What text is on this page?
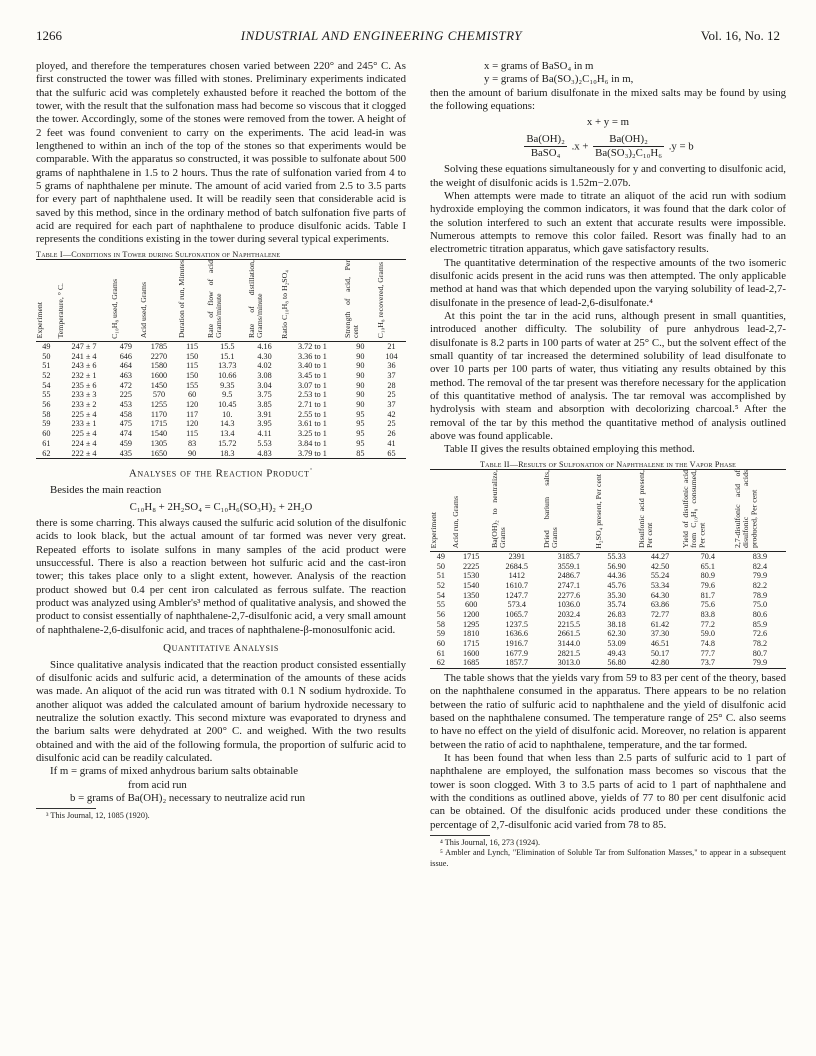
1266	INDUSTRIAL AND ENGINEERING CHEMISTRY	Vol. 16, No. 12

ployed, and therefore the temperatures chosen varied between 220° and 245° C. As first constructed the tower was filled with stones. Preliminary experiments indicated that the sulfuric acid was completely exhausted before it reached the bottom of the tower, with the result that the sulfonation mass had become so viscous that it clogged the tower. Accordingly, some of the stones were removed from the tower. A height of 2 feet was found convenient to carry on the experiments. The acid lead-in was lengthened to within an inch of the top of the stones so that experiments would be comparable. With the apparatus so constructed, it was possible to sulfonate about 500 grams of naphthalene in 1.5 to 2 hours. Thus the rate of sulfonation varied from 4 to 5 grams of naphthalene per minute. The amount of acid varied from 2.5 to 3.5 parts for every part of naphthalene used. It will be readily seen that considerable acid is saved by this method, since in the ordinary method of batch sulfonation five parts of acid are required for each part of naphthalene to produce disulfonic acids. Table I represents the conditions existing in the tower during several typical experiments.

Table I—Conditions in Tower during Sulfonation of Naphthalene
Experiment	Temperature, ° C.	C₁₀H₈ used, Grams	Acid used, Grams	Duration of run, Minutes	Rate of flow of acid Grams/minute	Rate of distillation, Grams/minute	Ratio C₁₀H₈ to H₂SO₄	Strength of acid, Per cent	C₁₀H₈ recovered, Grams
49	247 ± 7	479	1785	115	15.5	4.16	3.72 to 1	90	21
50	241 ± 4	646	2270	150	15.1	4.30	3.36 to 1	90	104
51	243 ± 6	464	1580	115	13.73	4.02	3.40 to 1	90	36
52	232 ± 1	463	1600	150	10.66	3.08	3.45 to 1	90	37
54	235 ± 6	472	1450	155	9.35	3.04	3.07 to 1	90	28
55	233 ± 3	225	570	60	9.5	3.75	2.53 to 1	90	25
56	233 ± 2	453	1255	120	10.45	3.85	2.71 to 1	90	37
58	225 ± 4	458	1170	117	10.	3.91	2.55 to 1	95	42
59	233 ± 1	475	1715	120	14.3	3.95	3.61 to 1	95	25
60	225 ± 4	474	1540	115	13.4	4.11	3.25 to 1	95	26
61	224 ± 4	459	1305	83	15.72	5.53	3.84 to 1	95	41
62	222 ± 4	435	1650	90	18.3	4.83	3.79 to 1	85	65
Analyses of the Reaction Product·

Besides the main reaction

C₁₀H₈ + 2H₂SO₄ = C₁₀H₆(SO₃H)₂ + 2H₂O

there is some charring. This always caused the sulfuric acid solution of the disulfonic acids to look black, but the actual amount of tar formed was never very great. Repeated efforts to isolate sulfons in many samples of the acid product were unsuccessful. There is also a reaction between hot sulfuric acid and the cast-iron tower; this takes place only to a slight extent, however. Analysis of the reaction product showed but 0.4 per cent iron calculated as ferrous sulfate. The reaction product was analyzed using Ambler's³ method of qualitative analysis, and showed the product to consist essentially of naphthalene-2,7-disulfonic acid, a very small amount of naphthalene-2,6-disulfonic acid, and traces of naphthalene-β-monosulfonic acid.

Quantitative Analysis

Since qualitative analysis indicated that the reaction product consisted essentially of disulfonic acids and sulfuric acid, a determination of the amounts of these acids was made. An aliquot of the acid run was titrated with 0.1 N sodium hydroxide. To another aliquot was added the calculated amount of barium hydroxide necessary to neutralize the solution exactly. This second mixture was evaporated to dryness and the barium salts were dehydrated at 200° C. and weighed. With the two results obtained and with the aid of the following formula, the proportion of sulfuric acid to disulfonic acid can be readily calculated.

If m = grams of mixed anhydrous barium salts obtainable
from acid run
b = grams of Ba(OH)₂ necessary to neutralize acid run
³ This Journal, 12, 1085 (1920).
x = grams of BaSO₄ in m
y = grams of Ba(SO₃)₂C₁₀H₆ in m,

then the amount of barium disulfonate in the mixed salts may be found by using the following equations:

x + y = m
$\frac{\text{Ba(OH)₂}}{\text{BaSO₄}} .x + \frac{\text{Ba(OH)₂}}{\text{Ba(SO₃)₂C₁₀H₆}} .y = b$

Solving these equations simultaneously for y and converting to disulfonic acid, the weight of disulfonic acids is 1.52m−2.07b.

When attempts were made to titrate an aliquot of the acid run with sodium hydroxide employing the common indicators, it was found that the dark color of the solution interfered to such an extent that accurate results were impossible. Numerous attempts to remove this color failed. Resort was finally had to an electrometric titration apparatus, which gave satisfactory results.

The quantitative determination of the respective amounts of the two isomeric disulfonic acids present in the acid runs was then attempted. The only applicable method at hand was that which depended upon the varying solubility of lead-2,7-disulfonate in the presence of lead-2,6-disulfonate.⁴

At this point the tar in the acid runs, although present in small quantities, introduced another difficulty. The solubility of pure anhydrous lead-2,7-disulfonate is 8.2 parts in 100 parts of water at 25° C., but the solvent effect of the small quantity of tar increased the determined solubility of lead disulfonate to over 10 parts per 100 parts of water, thus vitiating any results obtained by this method. The removal of the tar present was therefore necessary for the application of this quantitative method of analysis. The tar removal was accomplished by hydrolysis with steam and absorption with decolorizing charcoal.⁵ After the removal of the tar by this method the quantitative method of analysis outlined above was found applicable.

Table II gives the results obtained employing this method.

Table II—Results of Sulfonation of Naphthalene in the Vapor Phase
Experiment	Acid run, Grams	Ba(OH)₂ to neutralize, Grams	Dried barium salts, Grams	H₂SO₄ present, Per cent	Disulfonic acid present, Per cent	Yield of disulfonic acid from C₁₀H₈ consumed, Per cent	2,7-disulfonic acid of disulfonic acids produced, Per cent
49	1715	2391	3185.7	55.33	44.27	70.4	83.9
50	2225	2684.5	3559.1	56.90	42.50	65.1	82.4
51	1530	1412	2486.7	44.36	55.24	80.9	79.9
52	1540	1610.7	2747.1	45.76	53.34	79.6	82.2
54	1350	1247.7	2277.6	35.30	64.30	81.7	78.9
55	600	573.4	1036.0	35.74	63.86	75.6	75.0
56	1200	1065.7	2032.4	26.83	72.77	83.8	80.6
58	1295	1237.5	2215.5	38.18	61.42	77.2	85.9
59	1810	1636.6	2661.5	62.30	37.30	59.0	72.6
60	1715	1916.7	3144.0	53.09	46.51	74.8	78.2
61	1600	1677.9	2821.5	49.43	50.17	77.7	80.7
62	1685	1857.7	3013.0	56.80	42.80	73.7	79.9

The table shows that the yields vary from 59 to 83 per cent of the theory, based on the naphthalene consumed in the apparatus. There appears to be no relation between the ratio of sulfuric acid to naphthalene and the yield of disulfonic acid based on the naphthalene consumed. The temperature range of 25° C. also seems to have no effect on the yield of disulfonic acid. Moreover, no relation is apparent between the ratio of acid to naphthalene, temperature, and the tar formed.

It has been found that when less than 2.5 parts of sulfuric acid to 1 part of naphthalene are employed, the sulfonation mass becomes so viscous that the tower is soon clogged. With 3 to 3.5 parts of acid to 1 part of naphthalene and with the conditions as outlined above, yields of 77 to 80 per cent disulfonic acid can be obtained. Of the disulfonic acids produced under these conditions the percentage of 2,7-disulfonic acid varied from 78 to 85.

⁴ This Journal, 16, 273 (1924).
⁵ Ambler and Lynch, "Elimination of Soluble Tar from Sulfonation Masses," to appear in a subsequent issue.
